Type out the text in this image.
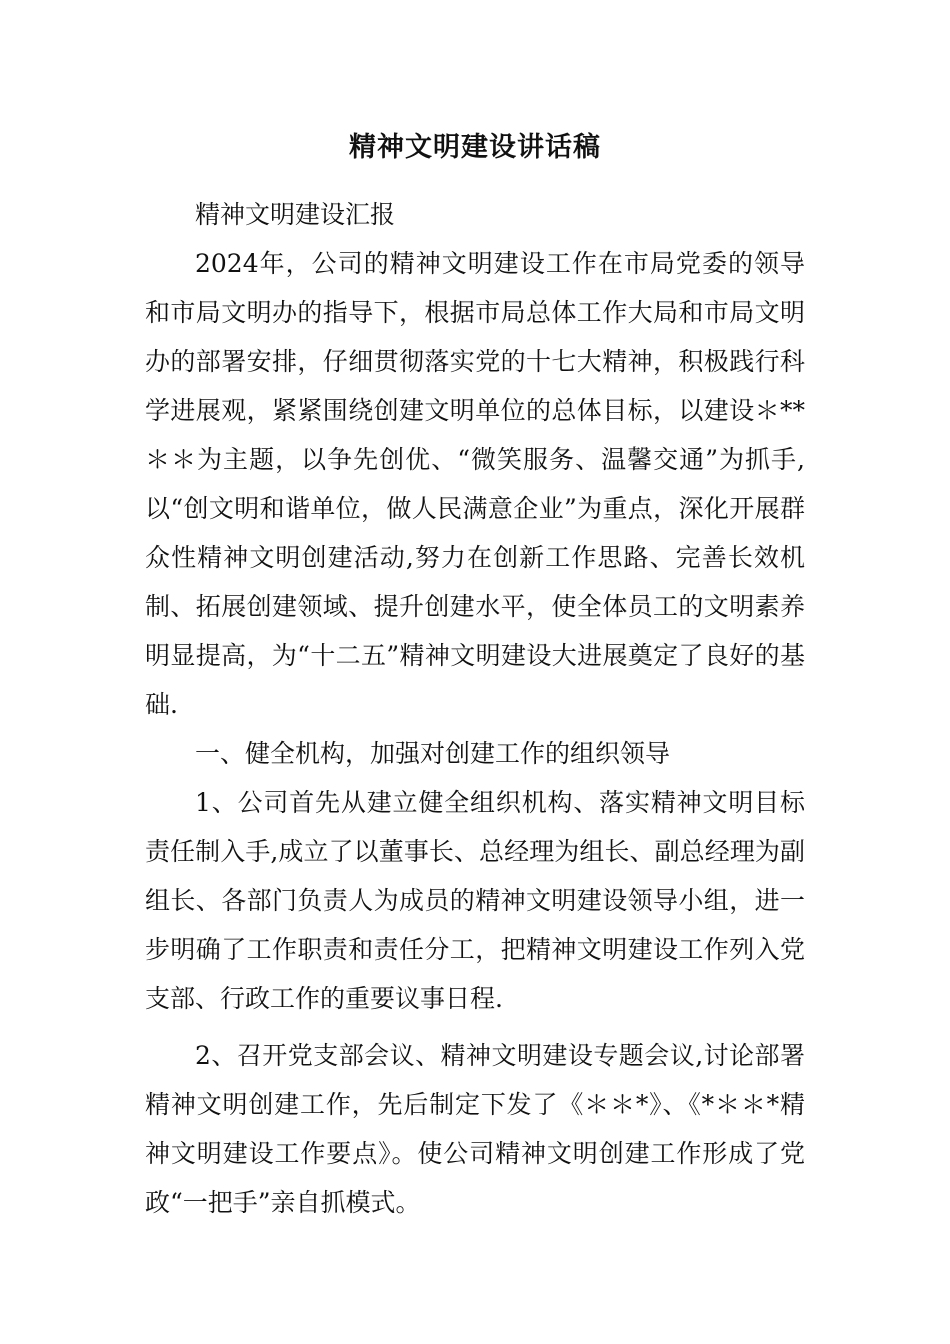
精神文明建设讲话稿

精神文明建设汇报

2024年，公司的精神文明建设工作在市局党委的领导和市局文明办的指导下，根据市局总体工作大局和市局文明办的部署安排，仔细贯彻落实党的十七大精神，积极践行科学进展观，紧紧围绕创建文明单位的总体目标，以建设＊**＊＊为主题，以争先创优、“微笑服务、温馨交通”为抓手,以“创文明和谐单位，做人民满意企业”为重点，深化开展群众性精神文明创建活动,努力在创新工作思路、完善长效机制、拓展创建领域、提升创建水平，使全体员工的文明素养明显提高，为“十二五”精神文明建设大进展奠定了良好的基础.

一、健全机构，加强对创建工作的组织领导

1、公司首先从建立健全组织机构、落实精神文明目标责任制入手,成立了以董事长、总经理为组长、副总经理为副组长、各部门负责人为成员的精神文明建设领导小组，进一步明确了工作职责和责任分工，把精神文明建设工作列入党支部、行政工作的重要议事日程.

2、召开党支部会议、精神文明建设专题会议,讨论部署精神文明创建工作，先后制定下发了《＊＊*》、《*＊＊*精神文明建设工作要点》。使公司精神文明创建工作形成了党政“一把手”亲自抓模式。
